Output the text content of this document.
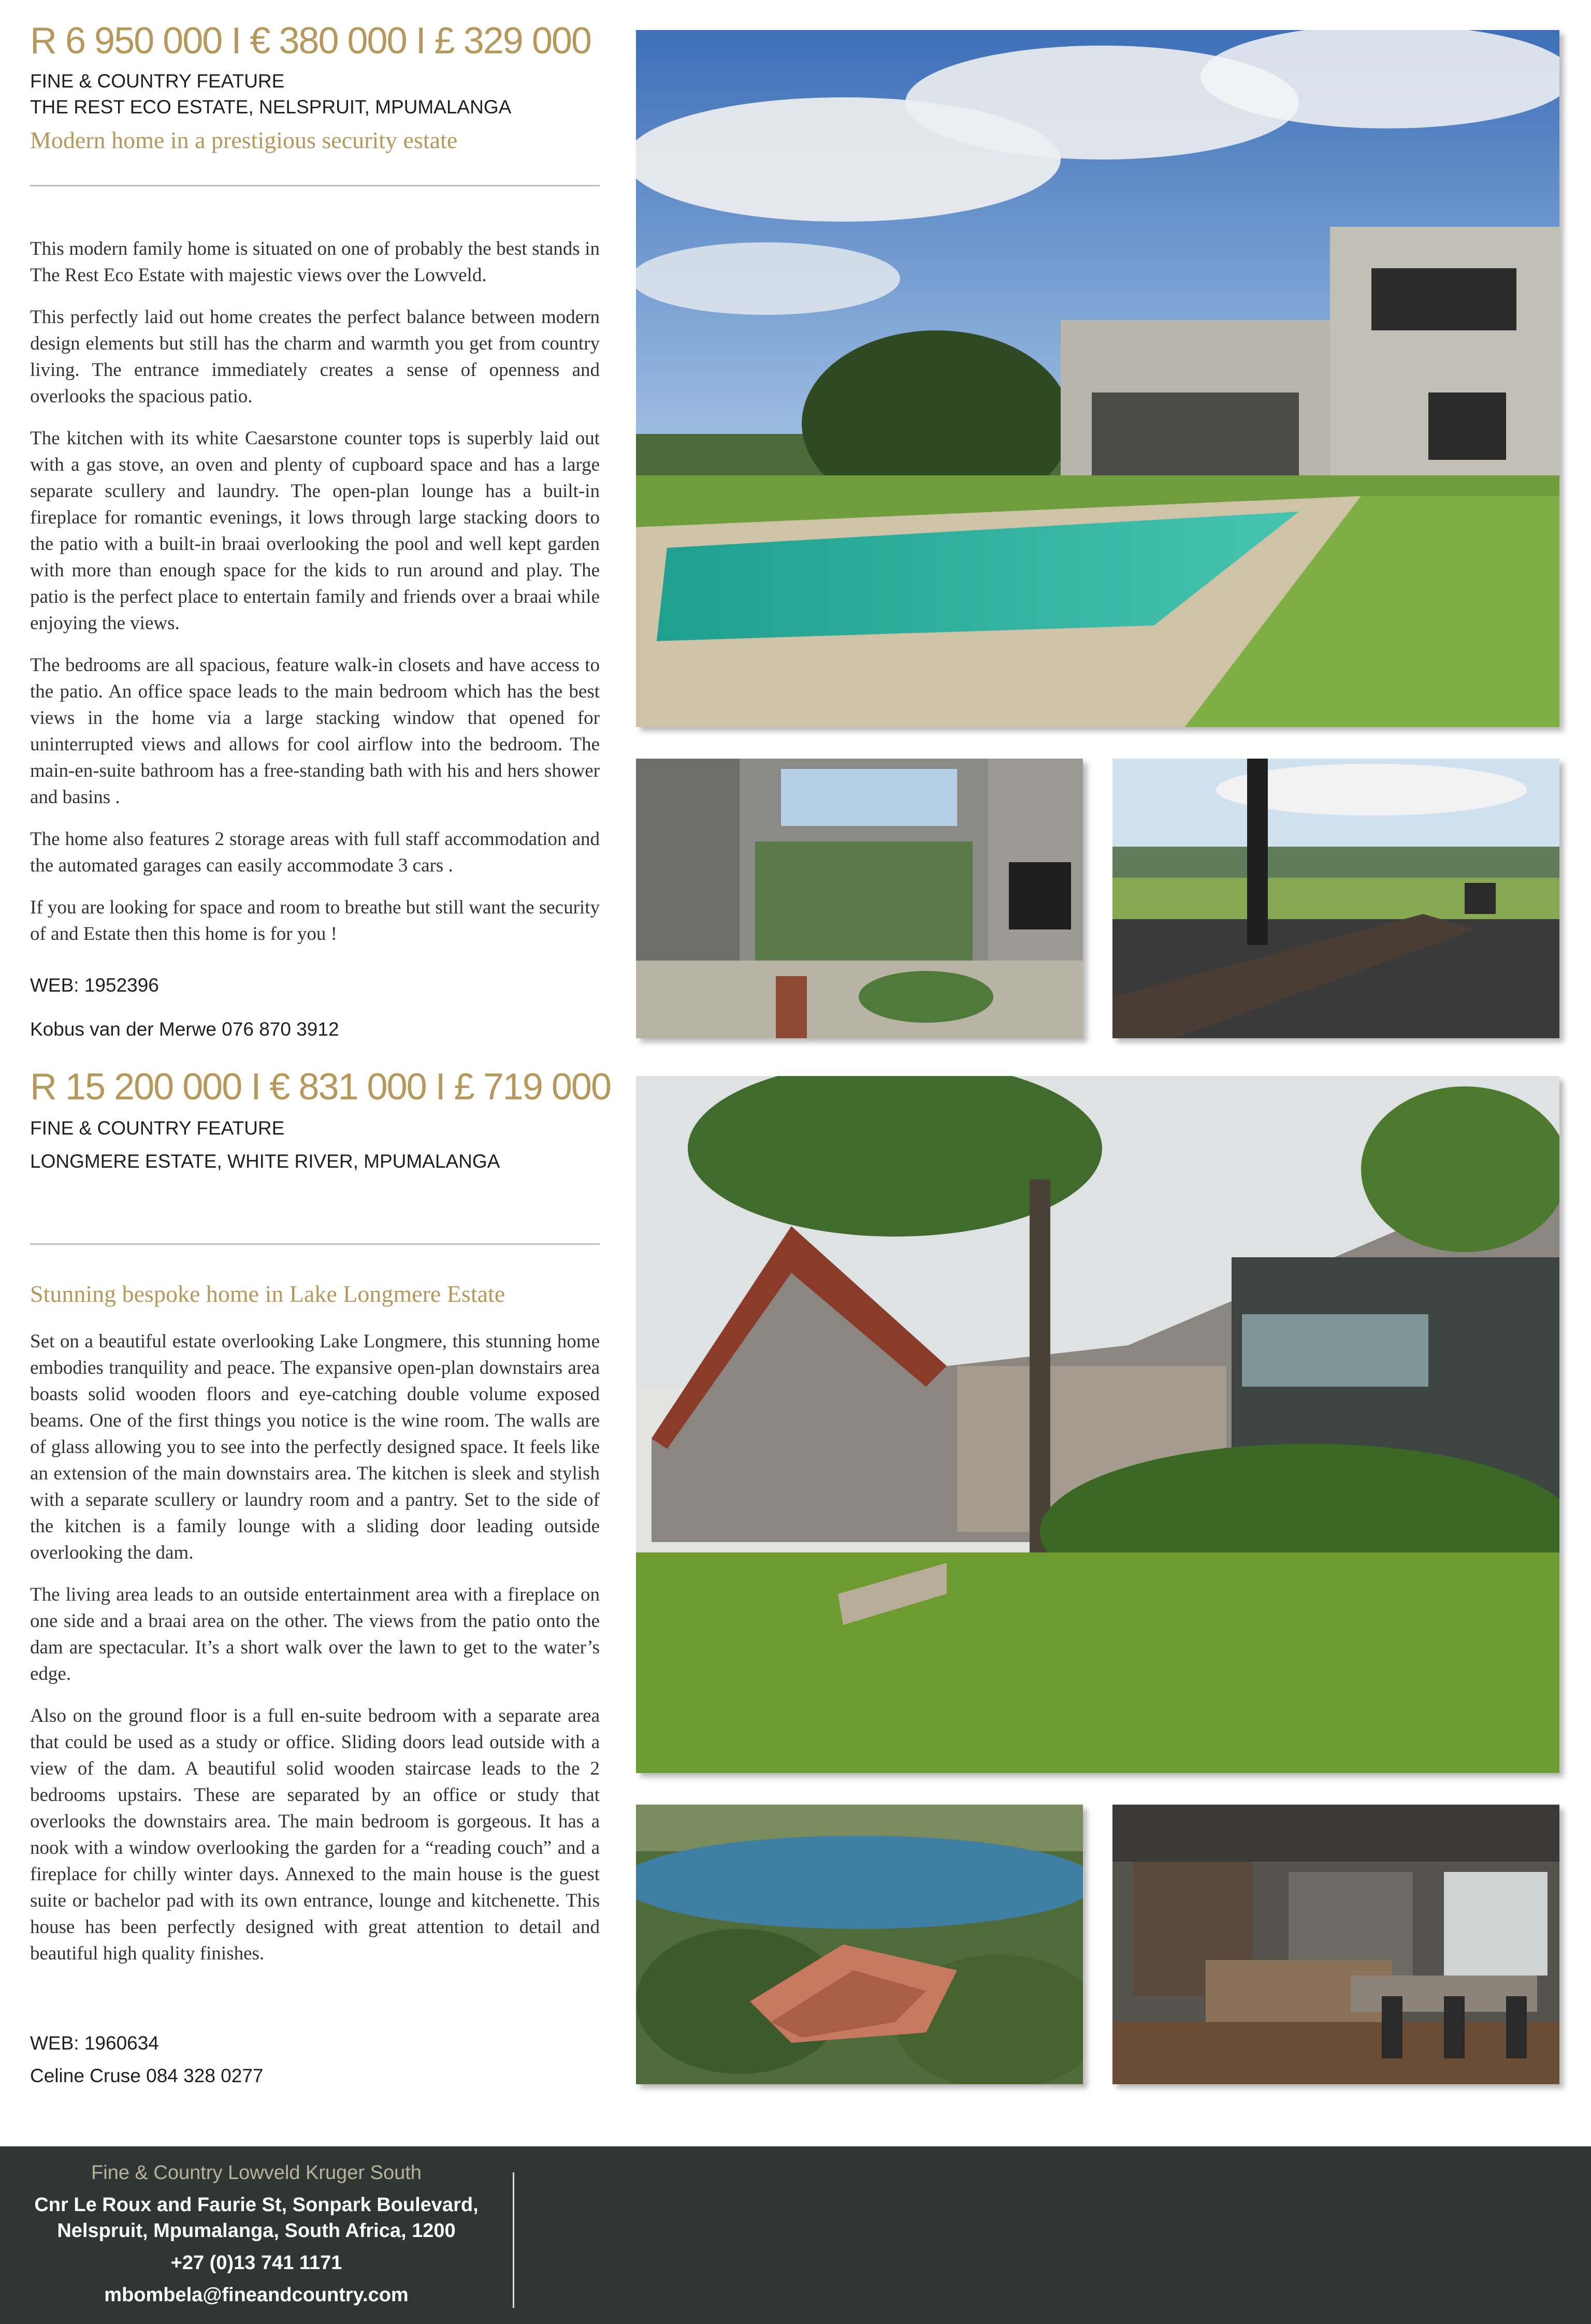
R 6 950 000 I € 380 000 I £ 329 000

FINE & COUNTRY FEATURE

THE REST ECO ESTATE, NELSPRUIT, MPUMALANGA

Modern home in a prestigious security estate

This modern family home is situated on one of probably the best stands in The Rest Eco Estate with majestic views over the Lowveld.

This perfectly laid out home creates the perfect balance between modern design elements but still has the charm and warmth you get from country living. The entrance immediately creates a sense of openness and overlooks the spacious patio.

The kitchen with its white Caesarstone counter tops is superbly laid out with a gas stove, an oven and plenty of cupboard space and has a large separate scullery and laundry. The open-plan lounge has a built-in fireplace for romantic evenings, it lows through large stacking doors to the patio with a built-in braai overlooking the pool and well kept garden with more than enough space for the kids to run around and play. The patio is the perfect place to entertain family and friends over a braai while enjoying the views.

The bedrooms are all spacious, feature walk-in closets and have access to the patio. An office space leads to the main bedroom which has the best views in the home via a large stacking window that opened for uninterrupted views and allows for cool airflow into the bedroom. The main-en-suite bathroom has a free-standing bath with his and hers shower and basins .

The home also features 2 storage areas with full staff accommodation and the automated garages can easily accommodate 3 cars .

If you are looking for space and room to breathe but still want the security of and Estate then this home is for you !

WEB: 1952396
Kobus van der Merwe 076 870 3912
R 15 200 000 I € 831 000 I £ 719 000

FINE & COUNTRY FEATURE

LONGMERE ESTATE, WHITE RIVER, MPUMALANGA

Stunning bespoke home in Lake Longmere Estate

Set on a beautiful estate overlooking Lake Longmere, this stunning home embodies tranquility and peace. The expansive open-plan downstairs area boasts solid wooden floors and eye-catching double volume exposed beams. One of the first things you notice is the wine room. The walls are of glass allowing you to see into the perfectly designed space. It feels like an extension of the main downstairs area. The kitchen is sleek and stylish with a separate scullery or laundry room and a pantry. Set to the side of the kitchen is a family lounge with a sliding door leading outside overlooking the dam.

The living area leads to an outside entertainment area with a fireplace on one side and a braai area on the other. The views from the patio onto the dam are spectacular. It’s a short walk over the lawn to get to the water’s edge.

Also on the ground floor is a full en-suite bedroom with a separate area that could be used as a study or office. Sliding doors lead outside with a view of the dam. A beautiful solid wooden staircase leads to the 2 bedrooms upstairs. These are separated by an office or study that overlooks the downstairs area. The main bedroom is gorgeous. It has a nook with a window overlooking the garden for a “reading couch” and a fireplace for chilly winter days. Annexed to the main house is the guest suite or bachelor pad with its own entrance, lounge and kitchenette. This house has been perfectly designed with great attention to detail and beautiful high quality finishes.

WEB: 1960634
Celine Cruse 084 328 0277
Fine & Country Lowveld Kruger South
Cnr Le Roux and Faurie St, Sonpark Boulevard,
Nelspruit, Mpumalanga, South Africa, 1200
+27 (0)13 741 1171
mbombela@fineandcountry.com
